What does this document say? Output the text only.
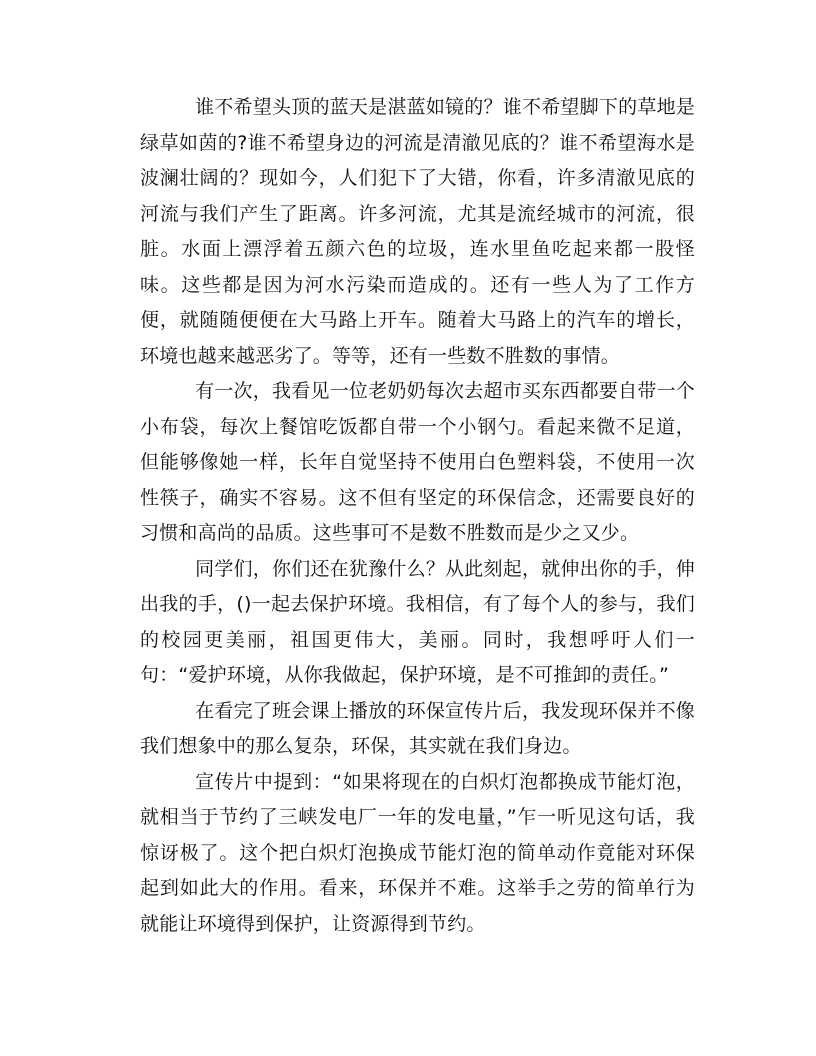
谁不希望头顶的蓝天是湛蓝如镜的？谁不希望脚下的草地是绿草如茵的?谁不希望身边的河流是清澈见底的？谁不希望海水是波澜壮阔的？现如今，人们犯下了大错，你看，许多清澈见底的河流与我们产生了距离。许多河流，尤其是流经城市的河流，很脏。水面上漂浮着五颜六色的垃圾，连水里鱼吃起来都一股怪味。这些都是因为河水污染而造成的。还有一些人为了工作方便，就随随便便在大马路上开车。随着大马路上的汽车的增长，环境也越来越恶劣了。等等，还有一些数不胜数的事情。

有一次，我看见一位老奶奶每次去超市买东西都要自带一个小布袋，每次上餐馆吃饭都自带一个小钢勺。看起来微不足道，但能够像她一样，长年自觉坚持不使用白色塑料袋，不使用一次性筷子，确实不容易。这不但有坚定的环保信念，还需要良好的习惯和高尚的品质。这些事可不是数不胜数而是少之又少。

同学们，你们还在犹豫什么？从此刻起，就伸出你的手，伸出我的手，()一起去保护环境。我相信，有了每个人的参与，我们的校园更美丽，祖国更伟大，美丽。同时，我想呼吁人们一句：“爱护环境，从你我做起，保护环境，是不可推卸的责任。”

在看完了班会课上播放的环保宣传片后，我发现环保并不像我们想象中的那么复杂，环保，其实就在我们身边。

宣传片中提到：“如果将现在的白炽灯泡都换成节能灯泡，就相当于节约了三峡发电厂一年的发电量，”乍一听见这句话，我惊讶极了。这个把白炽灯泡换成节能灯泡的简单动作竟能对环保起到如此大的作用。看来，环保并不难。这举手之劳的简单行为就能让环境得到保护，让资源得到节约。
